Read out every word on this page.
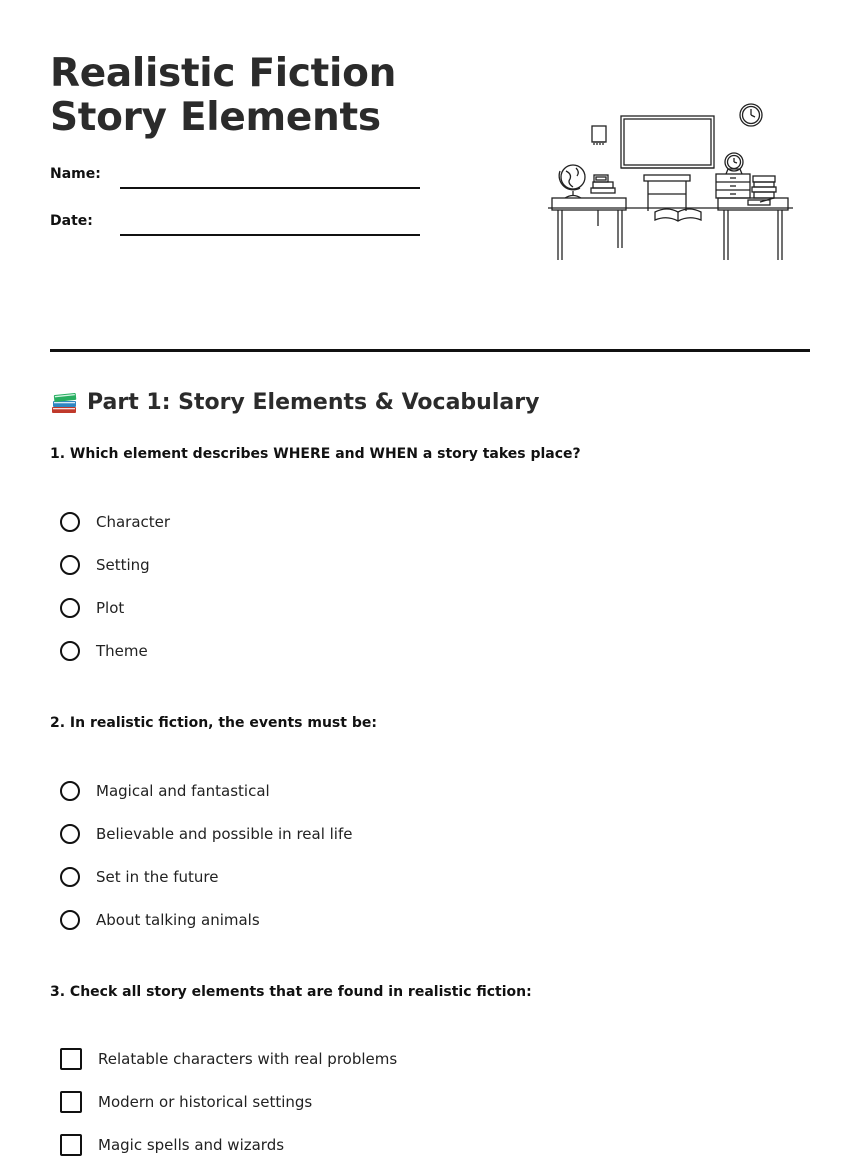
Realistic Fiction Story Elements
Name:
Date:
Part 1: Story Elements & Vocabulary
1. Which element describes WHERE and WHEN a story takes place?
Character
Setting
Plot
Theme
2. In realistic fiction, the events must be:
Magical and fantastical
Believable and possible in real life
Set in the future
About talking animals
3. Check all story elements that are found in realistic fiction:
Relatable characters with real problems
Modern or historical settings
Magic spells and wizards
